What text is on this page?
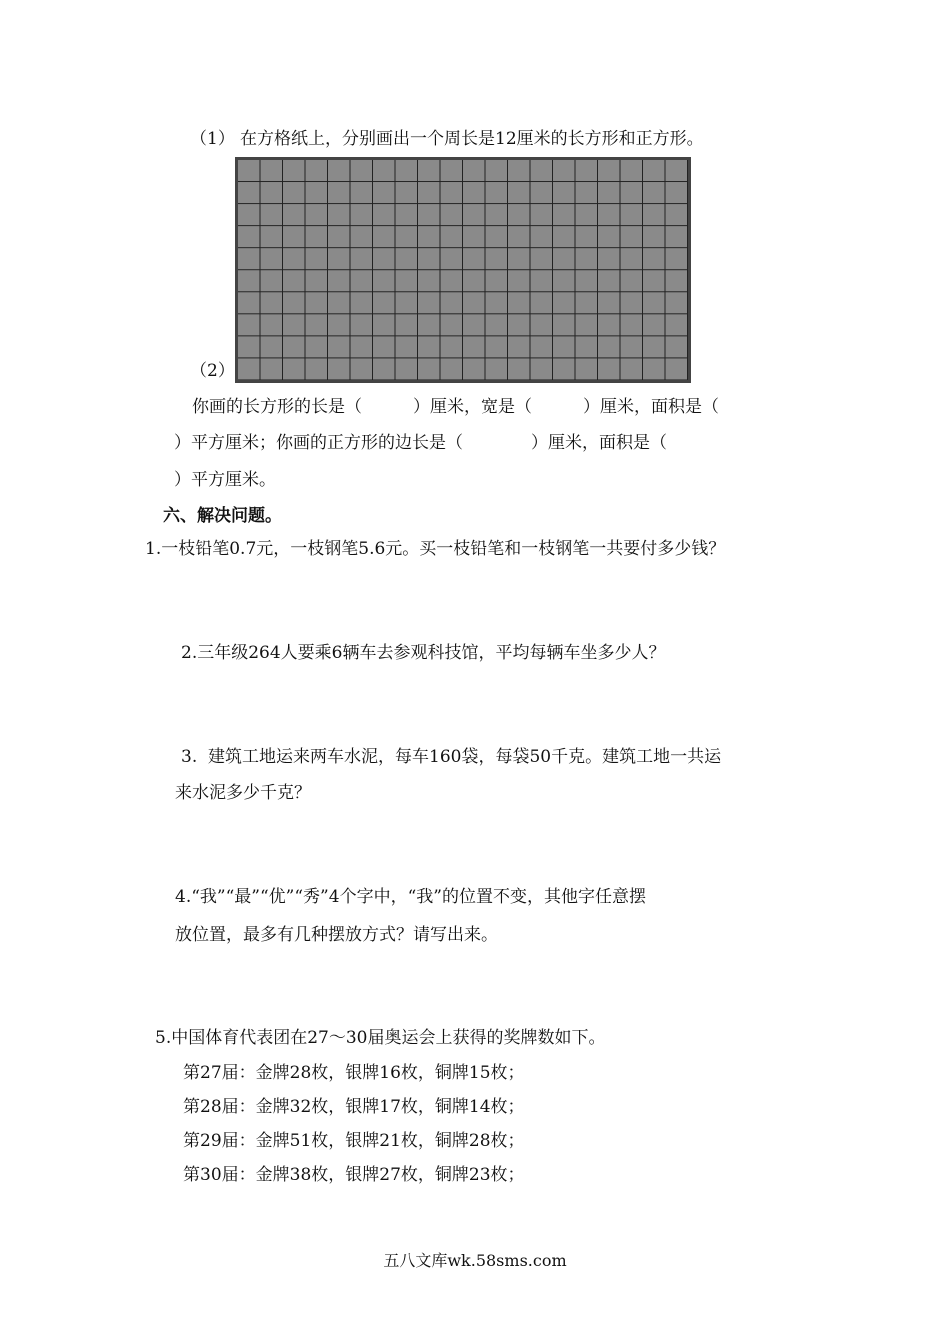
（1） 在方格纸上，分别画出一个周长是12厘米的长方形和正方形。
（2）
你画的长方形的长是（　　　）厘米，宽是（　　　）厘米，面积是（
）平方厘米；你画的正方形的边长是（　　　　）厘米，面积是（
）平方厘米。
六、解决问题。
1.一枝铅笔0.7元，一枝钢笔5.6元。买一枝铅笔和一枝钢笔一共要付多少钱？
2.三年级264人要乘6辆车去参观科技馆，平均每辆车坐多少人？
3.  建筑工地运来两车水泥，每车160袋，每袋50千克。建筑工地一共运
来水泥多少千克？
4.“我”“最”“优”“秀”4个字中，“我”的位置不变，其他字任意摆
放位置，最多有几种摆放方式？请写出来。
5.中国体育代表团在27～30届奥运会上获得的奖牌数如下。
第27届：金牌28枚，银牌16枚，铜牌15枚；
第28届：金牌32枚，银牌17枚，铜牌14枚；
第29届：金牌51枚，银牌21枚，铜牌28枚；
第30届：金牌38枚，银牌27枚，铜牌23枚；
五八文库wk.58sms.com
